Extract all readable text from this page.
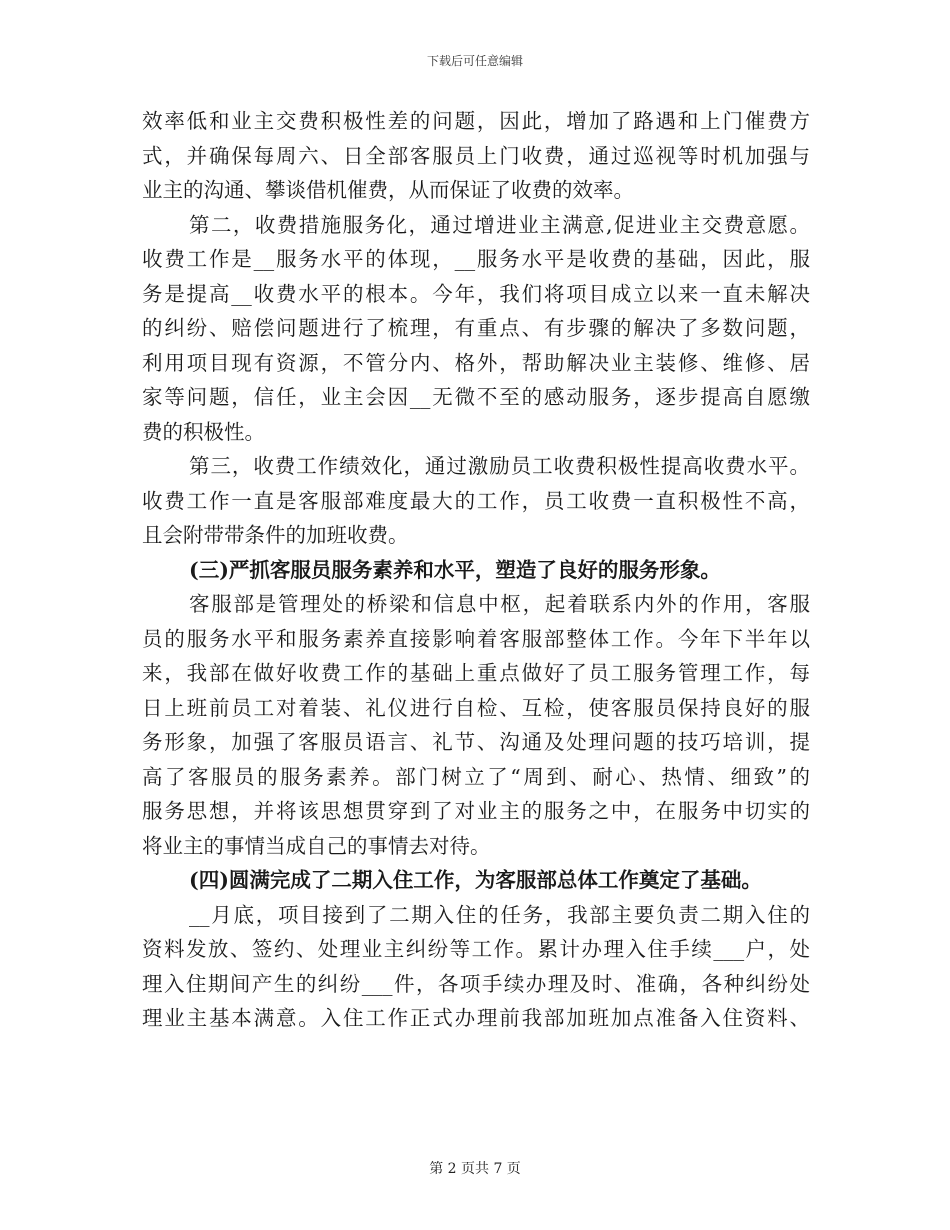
下载后可任意编辑
效率低和业主交费积极性差的问题，因此，增加了路遇和上门催费方
式，并确保每周六、日全部客服员上门收费，通过巡视等时机加强与
业主的沟通、攀谈借机催费，从而保证了收费的效率。
第二，收费措施服务化，通过增进业主满意,促进业主交费意愿。
收费工作是__服务水平的体现，__服务水平是收费的基础，因此，服
务是提高__收费水平的根本。今年，我们将项目成立以来一直未解决
的纠纷、赔偿问题进行了梳理，有重点、有步骤的解决了多数问题，
利用项目现有资源，不管分内、格外，帮助解决业主装修、维修、居
家等问题，信任，业主会因__无微不至的感动服务，逐步提高自愿缴
费的积极性。
第三，收费工作绩效化，通过激励员工收费积极性提高收费水平。
收费工作一直是客服部难度最大的工作，员工收费一直积极性不高，
且会附带带条件的加班收费。
(三)严抓客服员服务素养和水平，塑造了良好的服务形象。
客服部是管理处的桥梁和信息中枢，起着联系内外的作用，客服
员的服务水平和服务素养直接影响着客服部整体工作。今年下半年以
来，我部在做好收费工作的基础上重点做好了员工服务管理工作，每
日上班前员工对着装、礼仪进行自检、互检，使客服员保持良好的服
务形象，加强了客服员语言、礼节、沟通及处理问题的技巧培训，提
高了客服员的服务素养。部门树立了“周到、耐心、热情、细致”的
服务思想，并将该思想贯穿到了对业主的服务之中，在服务中切实的
将业主的事情当成自己的事情去对待。
(四)圆满完成了二期入住工作，为客服部总体工作奠定了基础。
__月底，项目接到了二期入住的任务，我部主要负责二期入住的
资料发放、签约、处理业主纠纷等工作。累计办理入住手续___户，处
理入住期间产生的纠纷___件，各项手续办理及时、准确，各种纠纷处
理业主基本满意。入住工作正式办理前我部加班加点准备入住资料、
第 2 页共 7 页
